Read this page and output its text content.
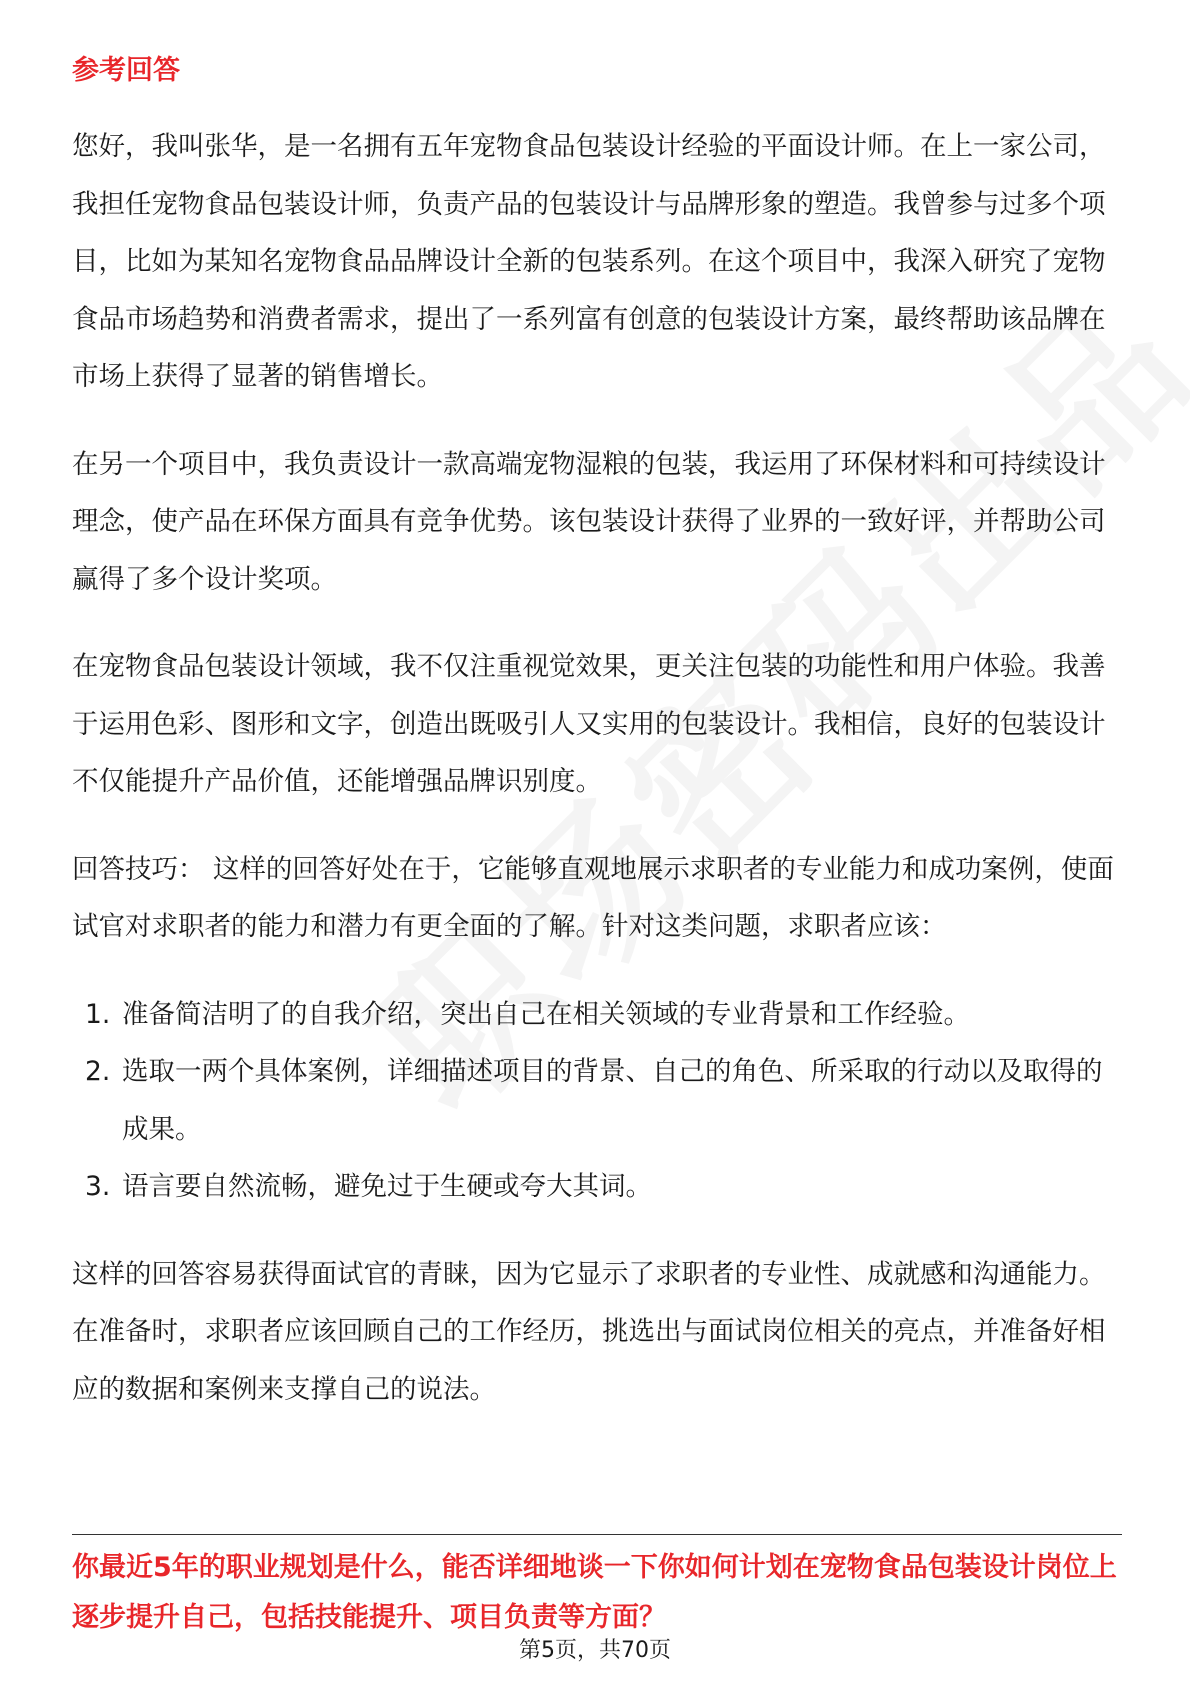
参考回答

您好，我叫张华，是一名拥有五年宠物食品包装设计经验的平面设计师。在上一家公司，我担任宠物食品包装设计师，负责产品的包装设计与品牌形象的塑造。我曾参与过多个项目，比如为某知名宠物食品品牌设计全新的包装系列。在这个项目中，我深入研究了宠物食品市场趋势和消费者需求，提出了一系列富有创意的包装设计方案，最终帮助该品牌在市场上获得了显著的销售增长。

在另一个项目中，我负责设计一款高端宠物湿粮的包装，我运用了环保材料和可持续设计理念，使产品在环保方面具有竞争优势。该包装设计获得了业界的一致好评，并帮助公司赢得了多个设计奖项。

在宠物食品包装设计领域，我不仅注重视觉效果，更关注包装的功能性和用户体验。我善于运用色彩、图形和文字，创造出既吸引人又实用的包装设计。我相信，良好的包装设计不仅能提升产品价值，还能增强品牌识别度。

回答技巧： 这样的回答好处在于，它能够直观地展示求职者的专业能力和成功案例，使面试官对求职者的能力和潜力有更全面的了解。针对这类问题，求职者应该：

1. 准备简洁明了的自我介绍，突出自己在相关领域的专业背景和工作经验。
2. 选取一两个具体案例，详细描述项目的背景、自己的角色、所采取的行动以及取得的成果。
3. 语言要自然流畅，避免过于生硬或夸大其词。

这样的回答容易获得面试官的青睐，因为它显示了求职者的专业性、成就感和沟通能力。在准备时，求职者应该回顾自己的工作经历，挑选出与面试岗位相关的亮点，并准备好相应的数据和案例来支撑自己的说法。

你最近5年的职业规划是什么，能否详细地谈一下你如何计划在宠物食品包装设计岗位上逐步提升自己，包括技能提升、项目负责等方面？
第5页，共70页
